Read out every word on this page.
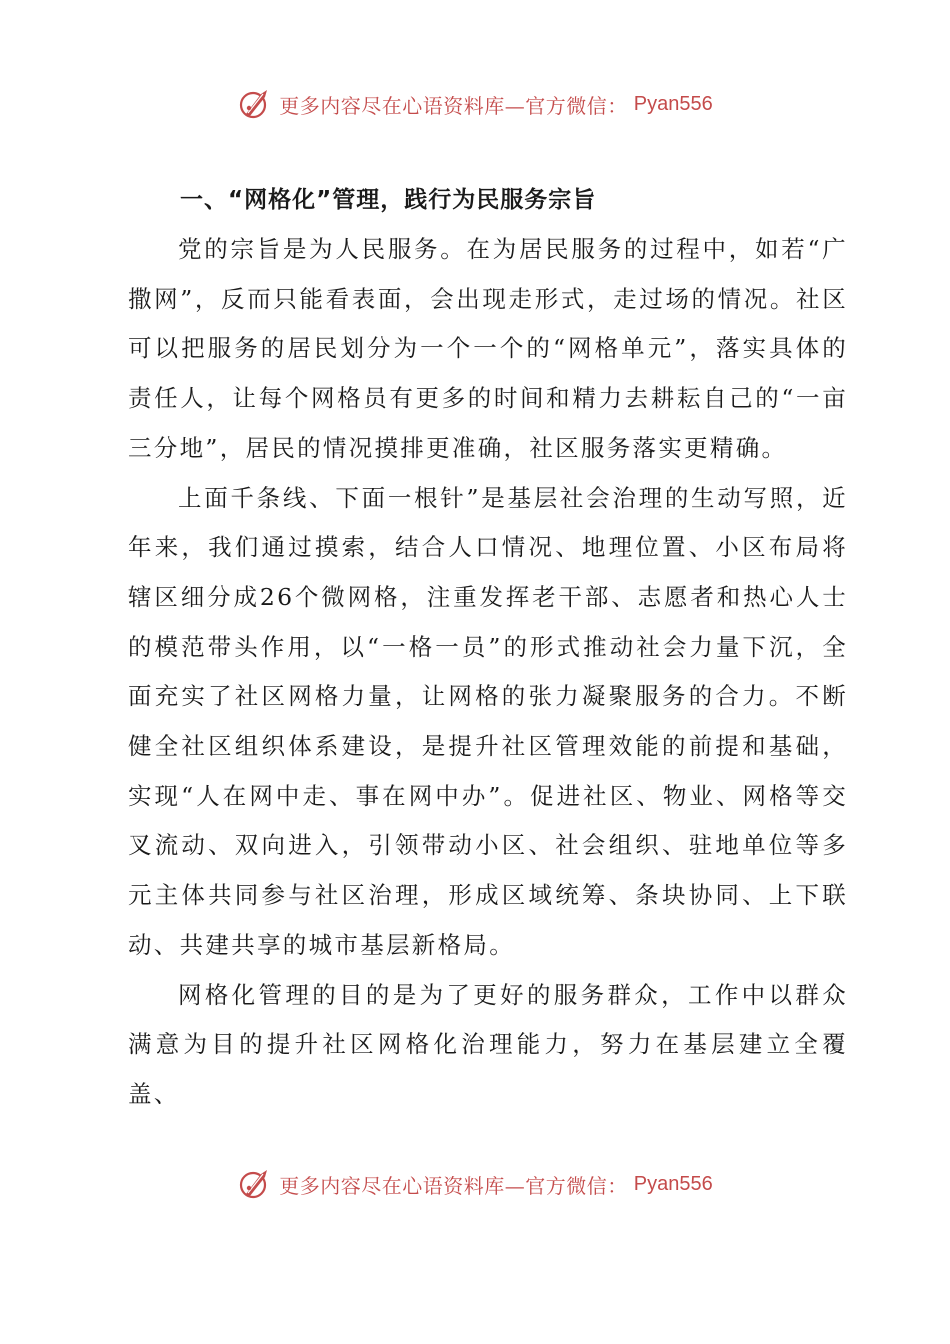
更多内容尽在心语资料库—官方微信： Pyan556
一、“网格化”管理，践行为民服务宗旨

党的宗旨是为人民服务。在为居民服务的过程中，如若“广撒网”，反而只能看表面，会出现走形式，走过场的情况。社区可以把服务的居民划分为一个一个的“网格单元”，落实具体的责任人，让每个网格员有更多的时间和精力去耕耘自己的“一亩三分地”，居民的情况摸排更准确，社区服务落实更精确。

上面千条线、下面一根针”是基层社会治理的生动写照，近年来，我们通过摸索，结合人口情况、地理位置、小区布局将辖区细分成26个微网格，注重发挥老干部、志愿者和热心人士的模范带头作用，以“一格一员”的形式推动社会力量下沉，全面充实了社区网格力量，让网格的张力凝聚服务的合力。不断健全社区组织体系建设，是提升社区管理效能的前提和基础，实现“人在网中走、事在网中办”。促进社区、物业、网格等交叉流动、双向进入，引领带动小区、社会组织、驻地单位等多元主体共同参与社区治理，形成区域统筹、条块协同、上下联动、共建共享的城市基层新格局。

网格化管理的目的是为了更好的服务群众，工作中以群众满意为目的提升社区网格化治理能力，努力在基层建立全覆盖、

更多内容尽在心语资料库—官方微信： Pyan556
